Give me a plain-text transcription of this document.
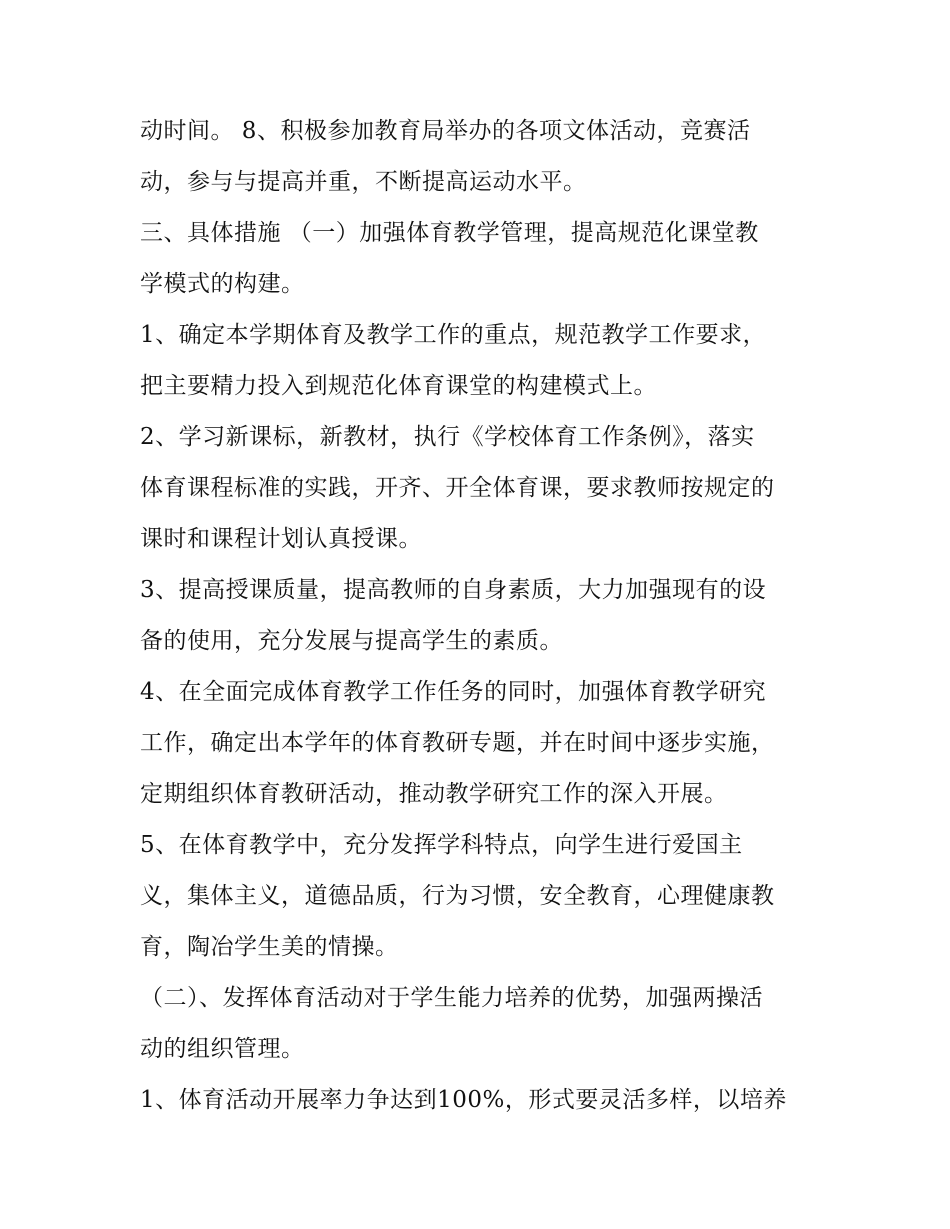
动时间。 8、积极参加教育局举办的各项文体活动，竞赛活
动，参与与提高并重，不断提高运动水平。
三、具体措施 （一）加强体育教学管理，提高规范化课堂教
学模式的构建。
1、确定本学期体育及教学工作的重点，规范教学工作要求，
把主要精力投入到规范化体育课堂的构建模式上。
2、学习新课标，新教材，执行《学校体育工作条例》，落实
体育课程标准的实践，开齐、开全体育课，要求教师按规定的
课时和课程计划认真授课。
3、提高授课质量，提高教师的自身素质，大力加强现有的设
备的使用，充分发展与提高学生的素质。
4、在全面完成体育教学工作任务的同时，加强体育教学研究
工作，确定出本学年的体育教研专题，并在时间中逐步实施，
定期组织体育教研活动，推动教学研究工作的深入开展。
5、在体育教学中，充分发挥学科特点，向学生进行爱国主
义，集体主义，道德品质，行为习惯，安全教育，心理健康教
育，陶冶学生美的情操。
（二）、发挥体育活动对于学生能力培养的优势，加强两操活
动的组织管理。
1、体育活动开展率力争达到100%，形式要灵活多样，以培养
